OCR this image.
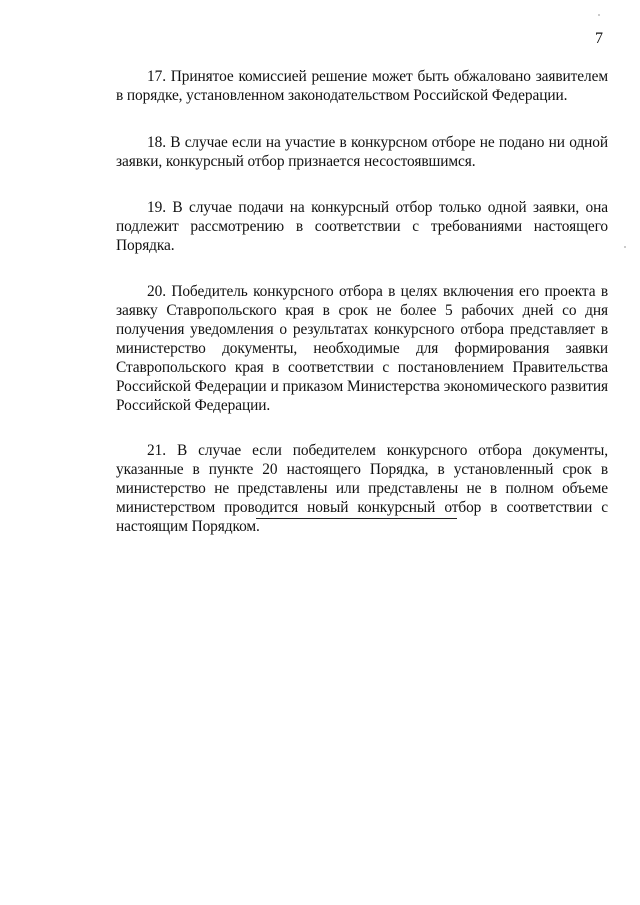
7

17. Принятое комиссией решение может быть обжаловано заявителем в порядке, установленном законодательством Российской Федерации.

18. В случае если на участие в конкурсном отборе не подано ни одной заявки, конкурсный отбор признается несостоявшимся.

19. В случае подачи на конкурсный отбор только одной заявки, она подлежит рассмотрению в соответствии с требованиями настоящего Порядка.

20. Победитель конкурсного отбора в целях включения его проекта в заявку Ставропольского края в срок не более 5 рабочих дней со дня получения уведомления о результатах конкурсного отбора представляет в министерство документы, необходимые для формирования заявки Ставропольского края в соответствии с постановлением Правительства Российской Федерации и приказом Министерства экономического развития Российской Федерации.

21. В случае если победителем конкурсного отбора документы, указанные в пункте 20 настоящего Порядка, в установленный срок в министерство не представлены или представлены не в полном объеме министерством проводится новый конкурсный отбор в соответствии с настоящим Порядком.
